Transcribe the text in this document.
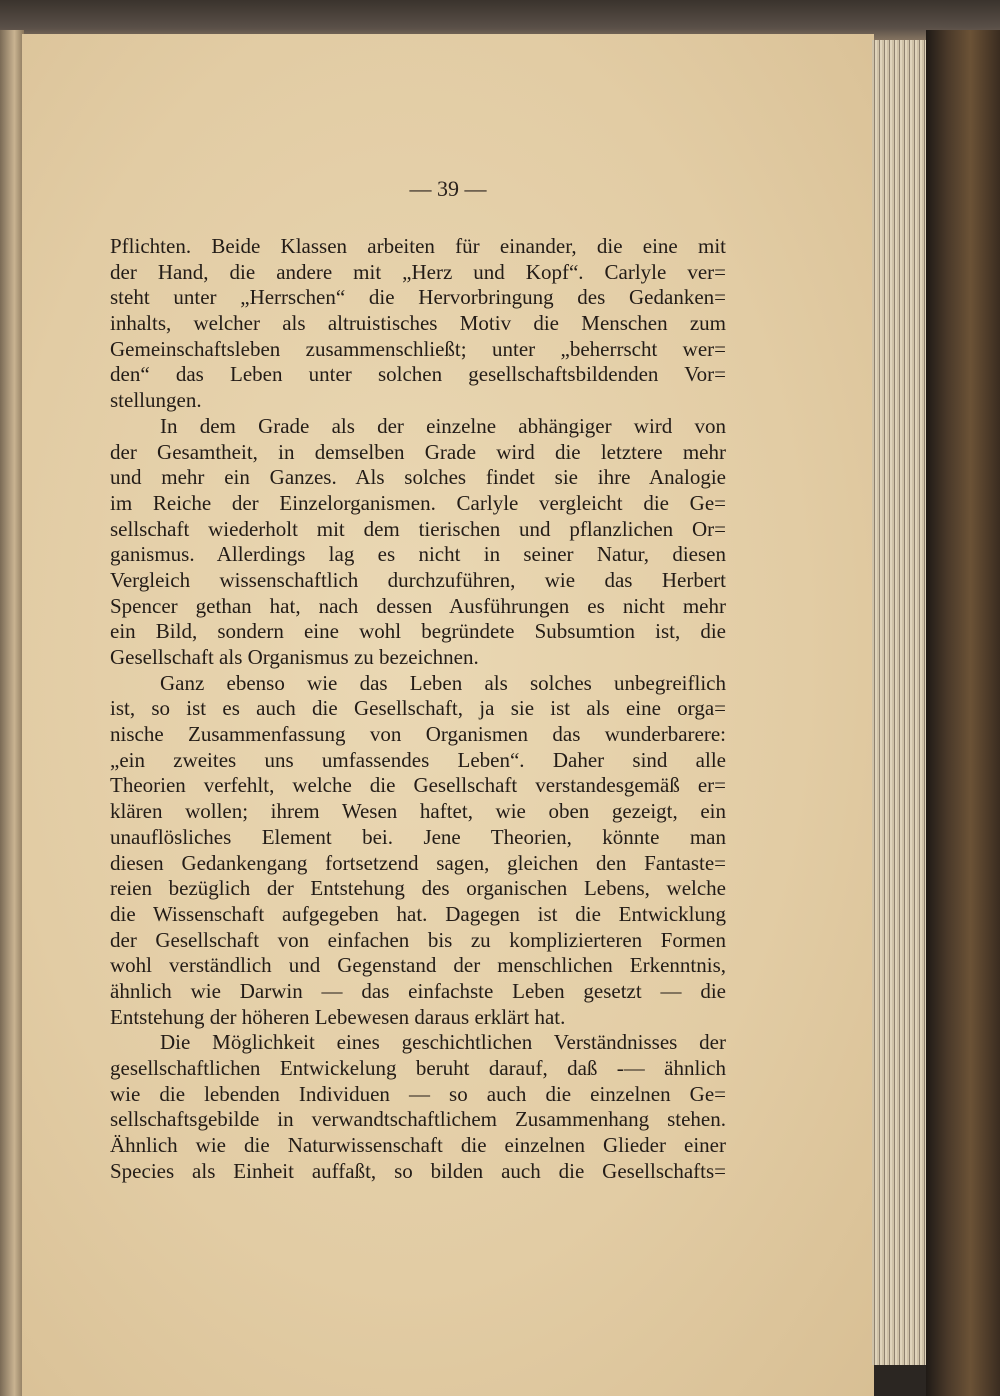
— 39 —
Pflichten. Beide Klassen arbeiten für einander, die eine mit
der Hand, die andere mit „Herz und Kopf“. Carlyle ver=
steht unter „Herrschen“ die Hervorbringung des Gedanken=
inhalts, welcher als altruistisches Motiv die Menschen zum
Gemeinschaftsleben zusammenschließt; unter „beherrscht wer=
den“ das Leben unter solchen gesellschaftsbildenden Vor=
stellungen.
In dem Grade als der einzelne abhängiger wird von
der Gesamtheit, in demselben Grade wird die letztere mehr
und mehr ein Ganzes. Als solches findet sie ihre Analogie
im Reiche der Einzelorganismen. Carlyle vergleicht die Ge=
sellschaft wiederholt mit dem tierischen und pflanzlichen Or=
ganismus. Allerdings lag es nicht in seiner Natur, diesen
Vergleich wissenschaftlich durchzuführen, wie das Herbert
Spencer gethan hat, nach dessen Ausführungen es nicht mehr
ein Bild, sondern eine wohl begründete Subsumtion ist, die
Gesellschaft als Organismus zu bezeichnen.
Ganz ebenso wie das Leben als solches unbegreiflich
ist, so ist es auch die Gesellschaft, ja sie ist als eine orga=
nische Zusammenfassung von Organismen das wunderbarere:
„ein zweites uns umfassendes Leben“. Daher sind alle
Theorien verfehlt, welche die Gesellschaft verstandesgemäß er=
klären wollen; ihrem Wesen haftet, wie oben gezeigt, ein
unauflösliches Element bei. Jene Theorien, könnte man
diesen Gedankengang fortsetzend sagen, gleichen den Fantaste=
reien bezüglich der Entstehung des organischen Lebens, welche
die Wissenschaft aufgegeben hat. Dagegen ist die Entwicklung
der Gesellschaft von einfachen bis zu komplizierteren Formen
wohl verständlich und Gegenstand der menschlichen Erkenntnis,
ähnlich wie Darwin — das einfachste Leben gesetzt — die
Entstehung der höheren Lebewesen daraus erklärt hat.
Die Möglichkeit eines geschichtlichen Verständnisses der
gesellschaftlichen Entwickelung beruht darauf, daß -— ähnlich
wie die lebenden Individuen — so auch die einzelnen Ge=
sellschaftsgebilde in verwandtschaftlichem Zusammenhang stehen.
Ähnlich wie die Naturwissenschaft die einzelnen Glieder einer
Species als Einheit auffaßt, so bilden auch die Gesellschafts=
